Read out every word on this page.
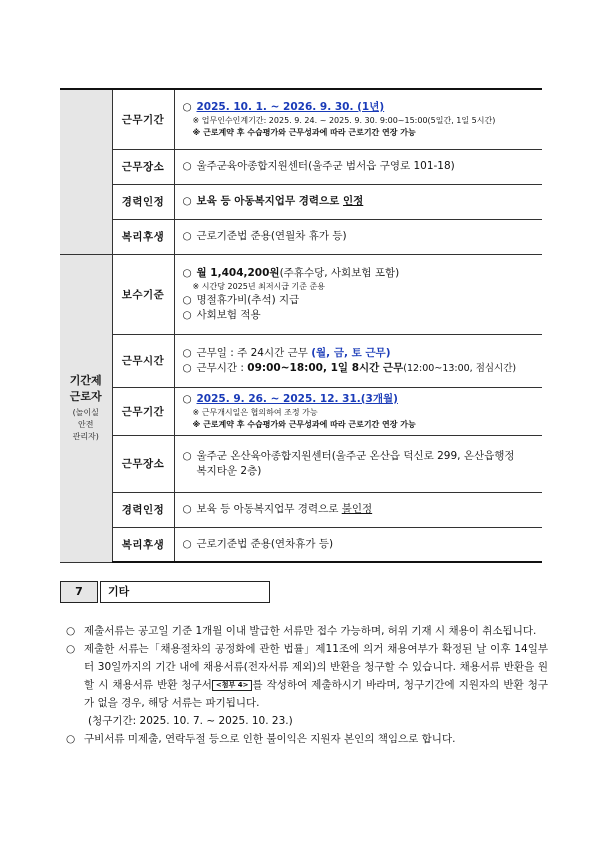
	근무기간	○ 2025. 10. 1. ~ 2026. 9. 30. (1년)
※ 업무인수인계기간: 2025. 9. 24. ~ 2025. 9. 30. 9:00~15:00(5일간, 1일 5시간)
※ 근로계약 후 수습평가와 근무성과에 따라 근로기간 연장 가능

	근무장소	○ 울주군육아종합지원센터(울주군 범서읍 구영로 101-18)

	경력인정	○ 보육 등 아동복지업무 경력으로 인정

	복리후생	○ 근로기준법 준용(연월차 휴가 등)

기간제
근로자
(놀이실
안전
관리자)	보수기준	○ 월 1,404,200원(주휴수당, 사회보험 포함)
※ 시간당 2025년 최저시급 기준 준용
○ 명절휴가비(추석) 지급
○ 사회보험 적용

	근무시간	○ 근무일 : 주 24시간 근무 (월, 금, 토 근무)
○ 근무시간 : 09:00~18:00, 1일 8시간 근무(12:00~13:00, 점심시간)

	근무기간	○ 2025. 9. 26. ~ 2025. 12. 31.(3개월)
※ 근무개시일은 협의하여 조정 가능
※ 근로계약 후 수습평가와 근무성과에 따라 근로기간 연장 가능

	근무장소	○ 울주군 온산육아종합지원센터(울주군 온산읍 덕신로 299, 온산읍행정
복지타운 2층)

	경력인정	○ 보육 등 아동복지업무 경력으로 불인정

	복리후생	○ 근로기준법 준용(연차휴가 등)
7	기타
○ 제출서류는 공고일 기준 1개월 이내 발급한 서류만 접수 가능하며, 허위 기재 시 채용이 취소됩니다.
○ 제출한 서류는「채용절차의 공정화에 관한 법률」제11조에 의거 채용여부가 확정된 날 이후 14일부터 30일까지의 기간 내에 채용서류(전자서류 제외)의 반환을 청구할 수 있습니다. 채용서류 반환을 원할 시 채용서류 반환 청구서 <첨부 4> 를 작성하여 제출하시기 바라며, 청구기간에 지원자의 반환 청구가 없을 경우, 해당 서류는 파기됩니다.
(청구기간: 2025. 10. 7. ~ 2025. 10. 23.)
○ 구비서류 미제출, 연락두절 등으로 인한 불이익은 지원자 본인의 책임으로 합니다.
